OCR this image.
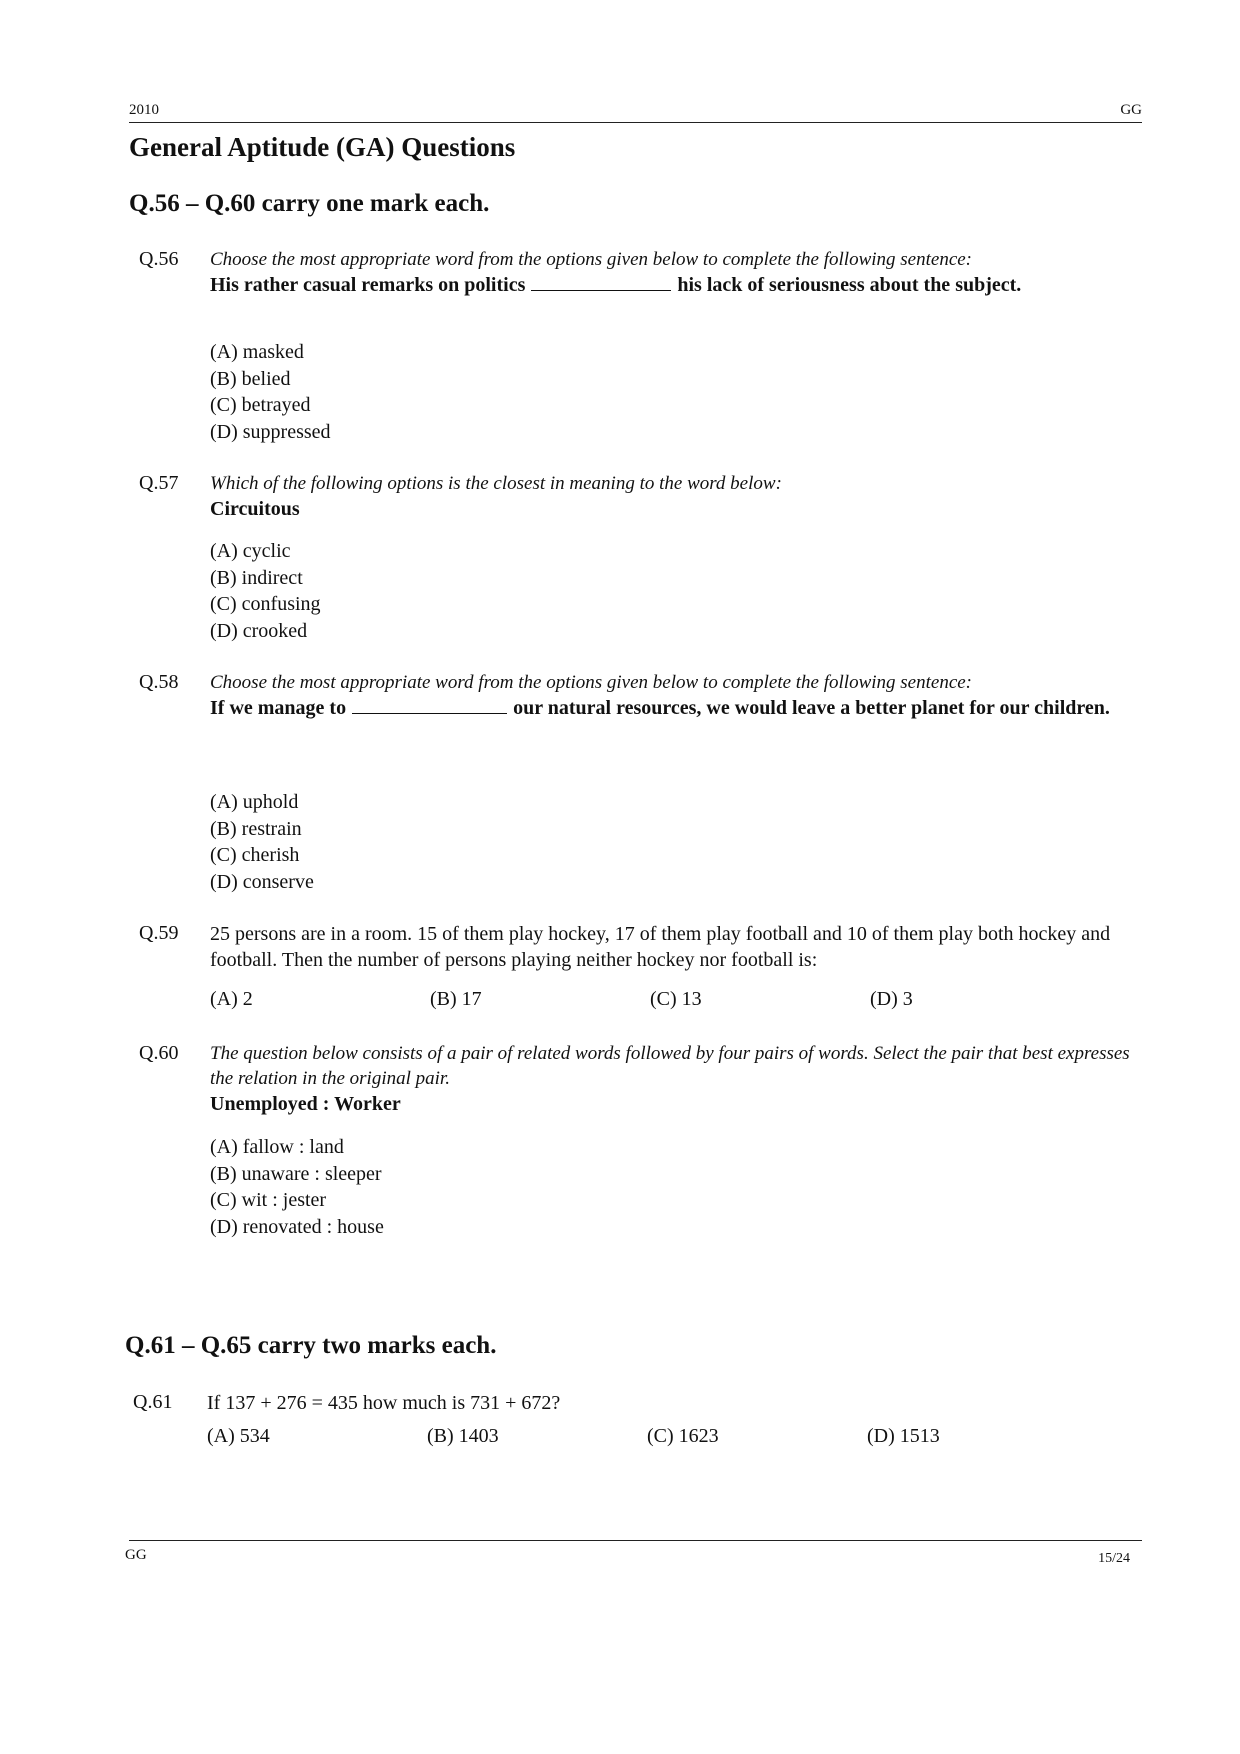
2010	GG
General Aptitude (GA) Questions
Q.56 – Q.60 carry one mark each.
Q.56 Choose the most appropriate word from the options given below to complete the following sentence:
His rather casual remarks on politics	his lack of seriousness about the subject.
(A) masked
(B) belied
(C) betrayed
(D) suppressed
Q.57 Which of the following options is the closest in meaning to the word below:
Circuitous
(A) cyclic
(B) indirect
(C) confusing
(D) crooked
Q.58 Choose the most appropriate word from the options given below to complete the following sentence:
If we manage to	our natural resources, we would leave a better planet for our children.
(A) uphold
(B) restrain
(C) cherish
(D) conserve
Q.59 25 persons are in a room. 15 of them play hockey, 17 of them play football and 10 of them play both hockey and football. Then the number of persons playing neither hockey nor football is:
(A) 2	(B) 17	(C) 13	(D) 3
Q.60 The question below consists of a pair of related words followed by four pairs of words. Select the pair that best expresses the relation in the original pair.
Unemployed : Worker
(A) fallow : land
(B) unaware : sleeper
(C) wit : jester
(D) renovated : house
Q.61 – Q.65 carry two marks each.
Q.61 If 137 + 276 = 435 how much is 731 + 672?
(A) 534	(B) 1403	(C) 1623	(D) 1513
GG	15/24
